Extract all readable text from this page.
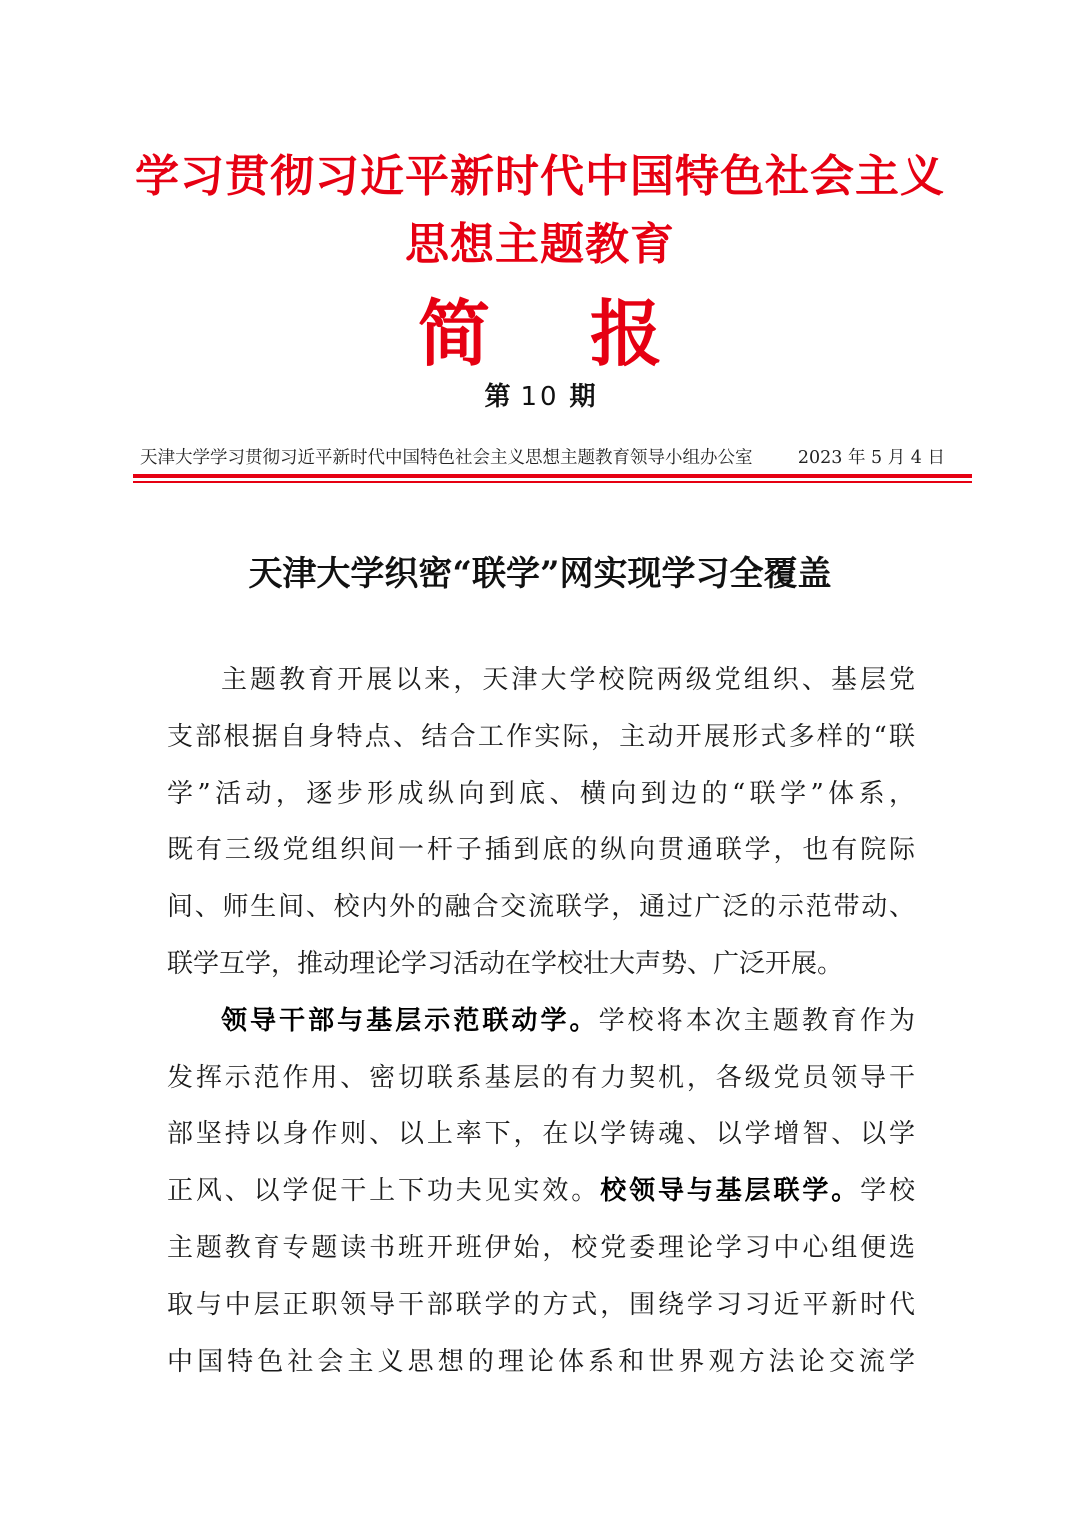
学习贯彻习近平新时代中国特色社会主义
思想主题教育
简 报
第 10 期
天津大学学习贯彻习近平新时代中国特色社会主义思想主题教育领导小组办公室	2023 年 5 月 4 日
天津大学织密“联学”网实现学习全覆盖
主题教育开展以来，天津大学校院两级党组织、基层党
支部根据自身特点、结合工作实际，主动开展形式多样的“联
学”活动，逐步形成纵向到底、横向到边的“联学”体系，
既有三级党组织间一杆子插到底的纵向贯通联学，也有院际
间、师生间、校内外的融合交流联学，通过广泛的示范带动、
联学互学，推动理论学习活动在学校壮大声势、广泛开展。
领导干部与基层示范联动学。学校将本次主题教育作为
发挥示范作用、密切联系基层的有力契机，各级党员领导干
部坚持以身作则、以上率下，在以学铸魂、以学增智、以学
正风、以学促干上下功夫见实效。校领导与基层联学。学校
主题教育专题读书班开班伊始，校党委理论学习中心组便选
取与中层正职领导干部联学的方式，围绕学习习近平新时代
中国特色社会主义思想的理论体系和世界观方法论交流学
